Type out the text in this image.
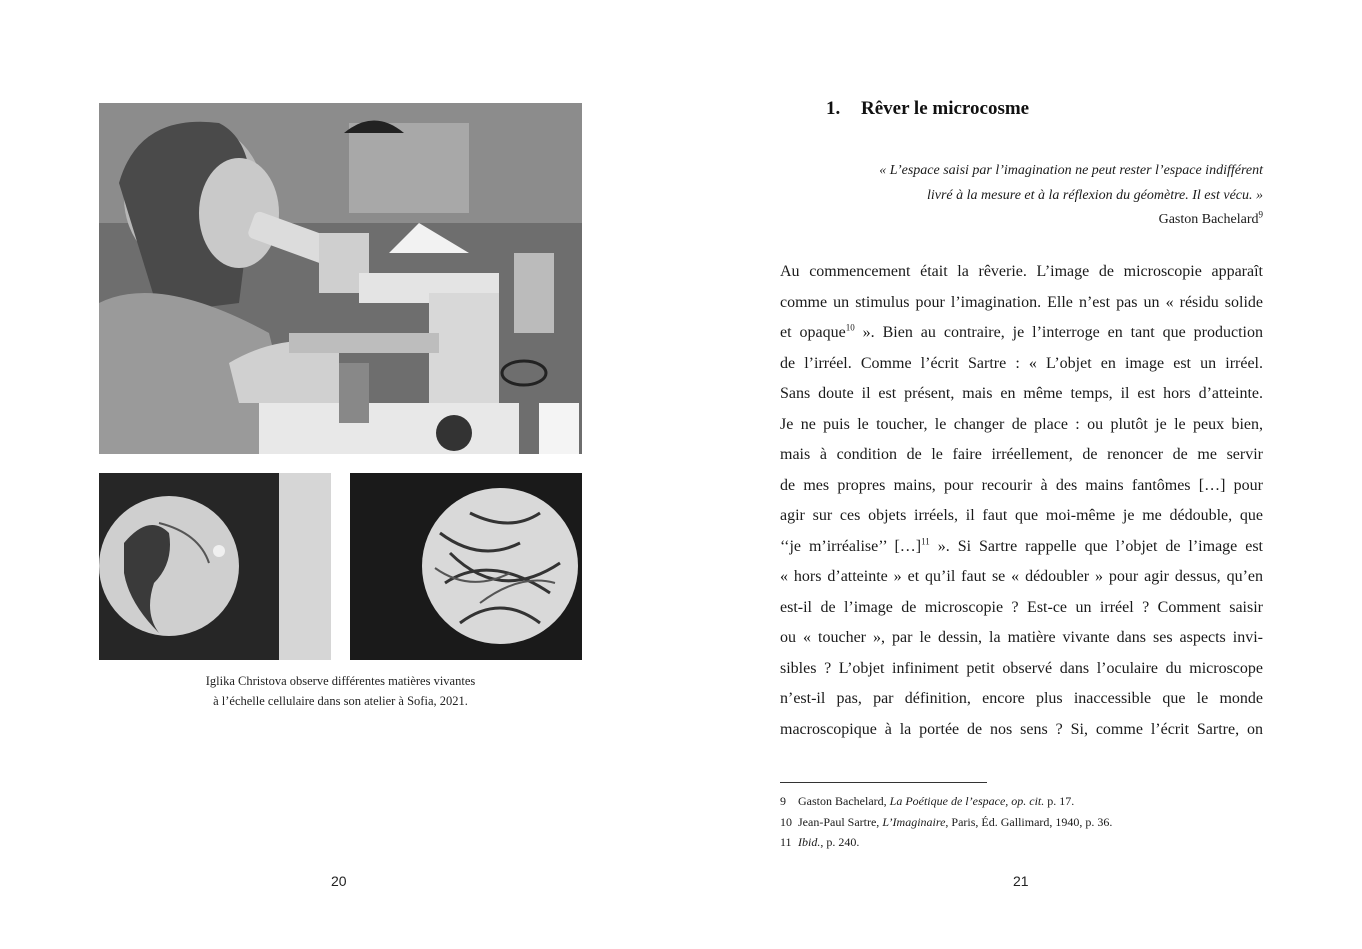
Iglika Christova observe différentes matières vivantes
à l’échelle cellulaire dans son atelier à Sofia, 2021.
20
1. Rêver le microcosme
« L’espace saisi par l’imagination ne peut rester l’espace indifférent
livré à la mesure et à la réflexion du géomètre. Il est vécu. »
Gaston Bachelard$^9$
Au commencement était la rêverie. L’image de microscopie apparaît
comme un stimulus pour l’imagination. Elle n’est pas un « résidu solide
et opaque$^{10}$ ». Bien au contraire, je l’interroge en tant que production
de l’irréel. Comme l’écrit Sartre : « L’objet en image est un irréel.
Sans doute il est présent, mais en même temps, il est hors d’atteinte.
Je ne puis le toucher, le changer de place : ou plutôt je le peux bien,
mais à condition de le faire irréellement, de renoncer de me servir
de mes propres mains, pour recourir à des mains fantômes […] pour
agir sur ces objets irréels, il faut que moi-même je me dédouble, que
‘‘je m’irréalise’’ […]$^{11}$ ». Si Sartre rappelle que l’objet de l’image est
« hors d’atteinte » et qu’il faut se « dédoubler » pour agir dessus, qu’en
est-il de l’image de microscopie ? Est-ce un irréel ? Comment saisir
ou « toucher », par le dessin, la matière vivante dans ses aspects invi-
sibles ? L’objet infiniment petit observé dans l’oculaire du microscope
n’est-il pas, par définition, encore plus inaccessible que le monde
macroscopique à la portée de nos sens ? Si, comme l’écrit Sartre, on
9 Gaston Bachelard, La Poétique de l’espace, op. cit. p. 17.
10 Jean-Paul Sartre, L’Imaginaire, Paris, Éd. Gallimard, 1940, p. 36.
11 Ibid., p. 240.
21
